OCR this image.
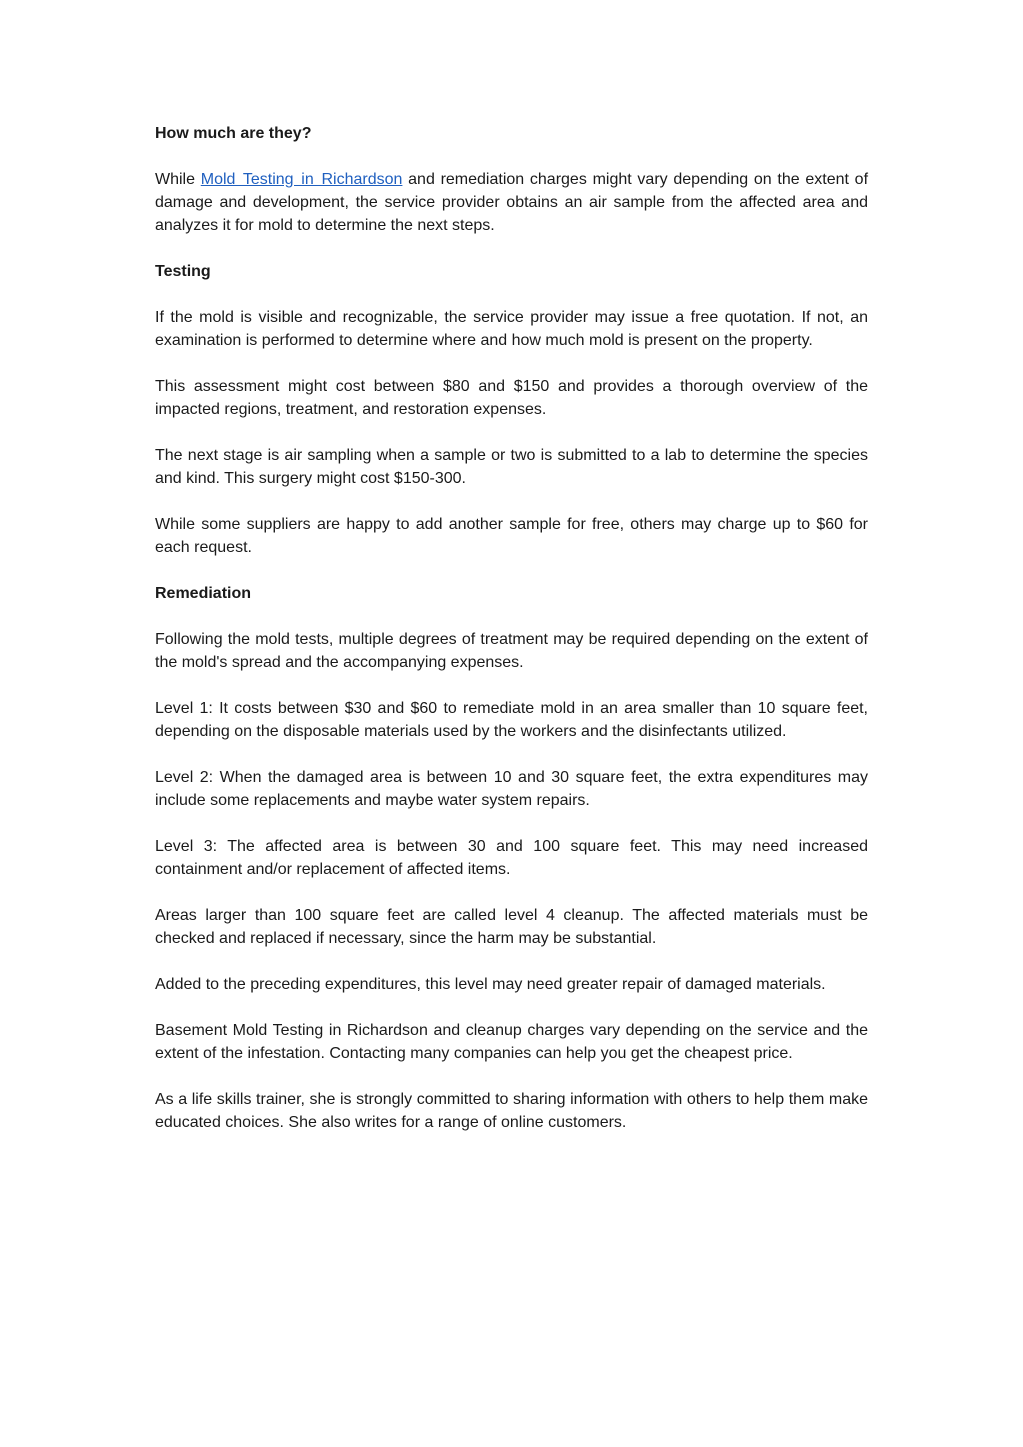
How much are they?

While Mold Testing in Richardson and remediation charges might vary depending on the extent of damage and development, the service provider obtains an air sample from the affected area and analyzes it for mold to determine the next steps.

Testing

If the mold is visible and recognizable, the service provider may issue a free quotation. If not, an examination is performed to determine where and how much mold is present on the property.

This assessment might cost between $80 and $150 and provides a thorough overview of the impacted regions, treatment, and restoration expenses.

The next stage is air sampling when a sample or two is submitted to a lab to determine the species and kind. This surgery might cost $150-300.

While some suppliers are happy to add another sample for free, others may charge up to $60 for each request.

Remediation

Following the mold tests, multiple degrees of treatment may be required depending on the extent of the mold's spread and the accompanying expenses.

Level 1: It costs between $30 and $60 to remediate mold in an area smaller than 10 square feet, depending on the disposable materials used by the workers and the disinfectants utilized.

Level 2: When the damaged area is between 10 and 30 square feet, the extra expenditures may include some replacements and maybe water system repairs.

Level 3: The affected area is between 30 and 100 square feet. This may need increased containment and/or replacement of affected items.

Areas larger than 100 square feet are called level 4 cleanup. The affected materials must be checked and replaced if necessary, since the harm may be substantial.

Added to the preceding expenditures, this level may need greater repair of damaged materials.

Basement Mold Testing in Richardson and cleanup charges vary depending on the service and the extent of the infestation. Contacting many companies can help you get the cheapest price.

As a life skills trainer, she is strongly committed to sharing information with others to help them make educated choices. She also writes for a range of online customers.
